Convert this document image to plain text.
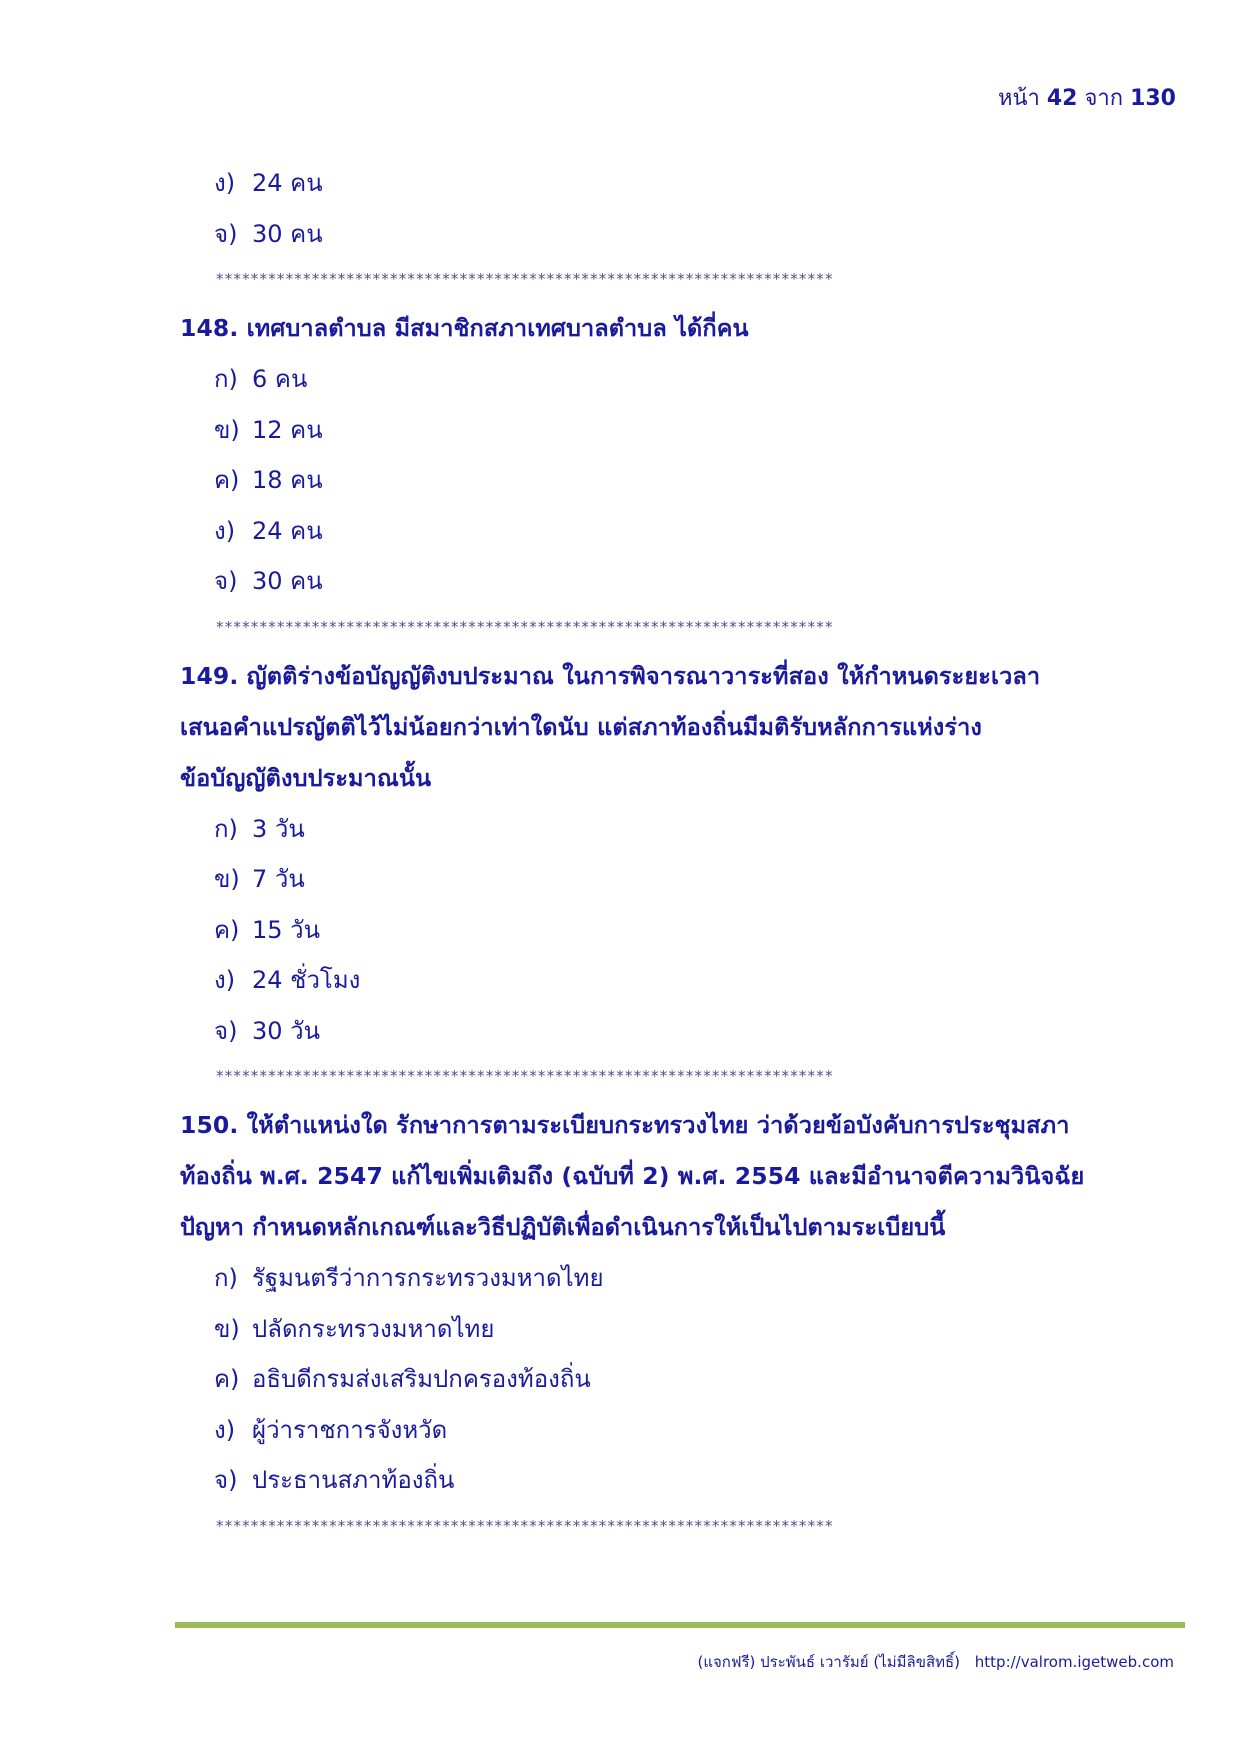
หน้า 42 จาก 130
ง) 24 คน
จ) 30 คน
***********************************************************************
148. เทศบาลตำบล มีสมาชิกสภาเทศบาลตำบล ได้กี่คน
ก) 6 คน
ข) 12 คน
ค) 18 คน
ง) 24 คน
จ) 30 คน
***********************************************************************
149. ญัตติร่างข้อบัญญัติงบประมาณ ในการพิจารณาวาระที่สอง ให้กำหนดระยะเวลา
เสนอคำแปรญัตติไว้ไม่น้อยกว่าเท่าใดนับ แต่สภาท้องถิ่นมีมติรับหลักการแห่งร่าง
ข้อบัญญัติงบประมาณนั้น
ก) 3 วัน
ข) 7 วัน
ค) 15 วัน
ง) 24 ชั่วโมง
จ) 30 วัน
***********************************************************************
150. ให้ตำแหน่งใด รักษาการตามระเบียบกระทรวงไทย ว่าด้วยข้อบังคับการประชุมสภา
ท้องถิ่น พ.ศ. 2547 แก้ไขเพิ่มเติมถึง (ฉบับที่ 2) พ.ศ. 2554 และมีอำนาจตีความวินิจฉัย
ปัญหา กำหนดหลักเกณฑ์และวิธีปฏิบัติเพื่อดำเนินการให้เป็นไปตามระเบียบนี้
ก) รัฐมนตรีว่าการกระทรวงมหาดไทย
ข) ปลัดกระทรวงมหาดไทย
ค) อธิบดีกรมส่งเสริมปกครองท้องถิ่น
ง) ผู้ว่าราชการจังหวัด
จ) ประธานสภาท้องถิ่น
***********************************************************************
(แจกฟรี) ประพันธ์ เวารัมย์ (ไม่มีลิขสิทธิ์) http://valrom.igetweb.com
